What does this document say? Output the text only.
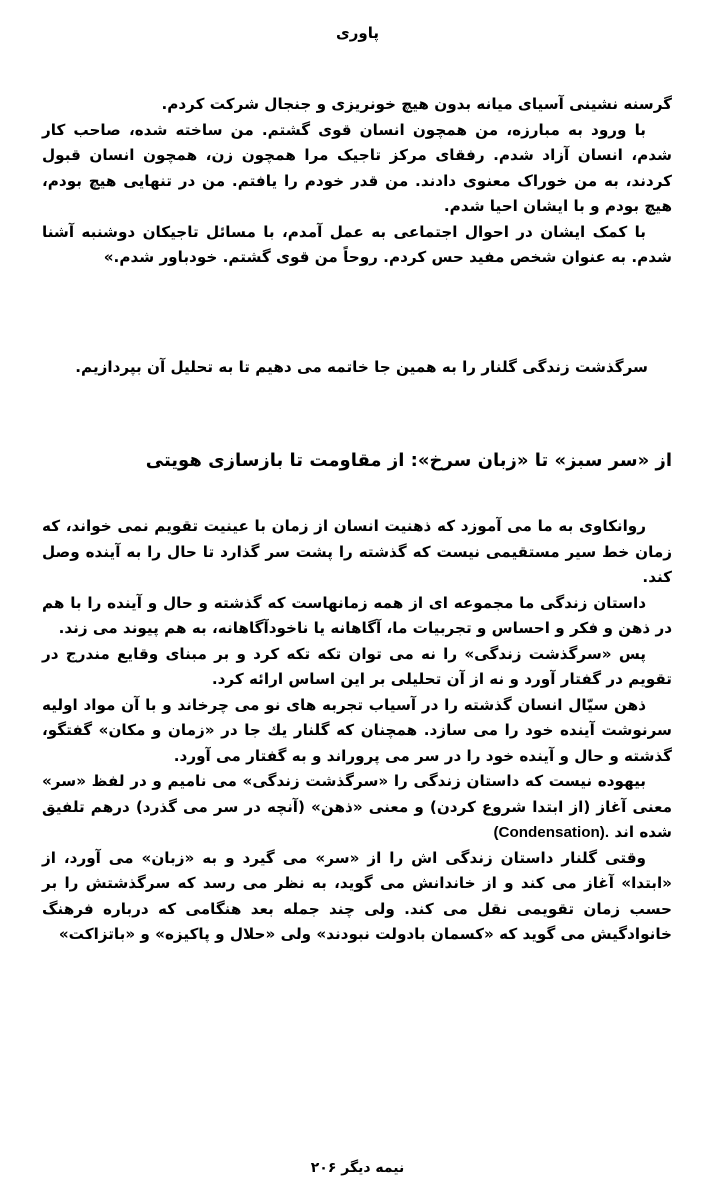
پاوری

گرسنه نشینی آسیای میانه بدون هیچ خونریزی و جنجال شرکت کردم.

با ورود به مبارزه، من همچون انسان قوی گشتم. من ساخته شده، صاحب کار شدم، انسان آزاد شدم. رفقای مرکز تاجیک مرا همچون زن، همچون انسان قبول کردند، به من خوراک معنوی دادند. من قدر خودم را یافتم. من در تنهایی هیچ بودم، هیچ بودم و با ایشان احیا شدم.

با کمک ایشان در احوال اجتماعی به عمل آمدم، با مسائل تاجیکان دوشنبه آشنا شدم. به عنوان شخص مفید حس کردم. روحاً من قوی گشتم. خودباور شدم.»

سرگذشت زندگی گلنار را به همین جا خاتمه می دهیم تا به تحلیل آن بپردازیم.

از «سر سبز» تا «زبان سرخ»: از مقاومت تا بازسازی هویتی

روانکاوی به ما می آموزد که ذهنیت انسان از زمان با عینیت تقویم نمی خواند، که زمان خط سیر مستقیمی نیست که گذشته را پشت سر گذارد تا حال را به آینده وصل کند.

داستان زندگی ما مجموعه ای از همه زمانهاست که گذشته و حال و آینده را با هم در ذهن و فکر و احساس و تجربیات ما، آگاهانه یا ناخودآگاهانه، به هم پیوند می زند.

پس «سرگذشت زندگی» را نه می توان تکه تکه کرد و بر مبنای وقایع مندرج در تقویم در گفتار آورد و نه از آن تحلیلی بر این اساس ارائه کرد.

ذهن سیّال انسان گذشته را در آسیاب تجربه های نو می چرخاند و با آن مواد اولیه سرنوشت آینده خود را می سازد. همچنان که گلنار یك جا در «زمان و مکان» گفتگو، گذشته و حال و آینده خود را در سر می پروراند و به گفتار می آورد.

بیهوده نیست که داستان زندگی را «سرگذشت زندگی» می نامیم و در لفظ «سر» معنی آغاز (از ابتدا شروع کردن) و معنی «ذهن» (آنچه در سر می گذرد) درهم تلفیق شده اند (Condensation).

وقتی گلنار داستان زندگی اش را از «سر» می گیرد و به «زبان» می آورد، از «ابتدا» آغاز می کند و از خاندانش می گوید، به نظر می رسد که سرگذشتش را بر حسب زمان تقویمی نقل می کند. ولی چند جمله بعد هنگامی که درباره فرهنگ خانوادگیش می گوید که «کسمان بادولت نبودند» ولی «حلال و پاکیزه» و «باتزاکت»

نیمه دیگر ۲۰۶
